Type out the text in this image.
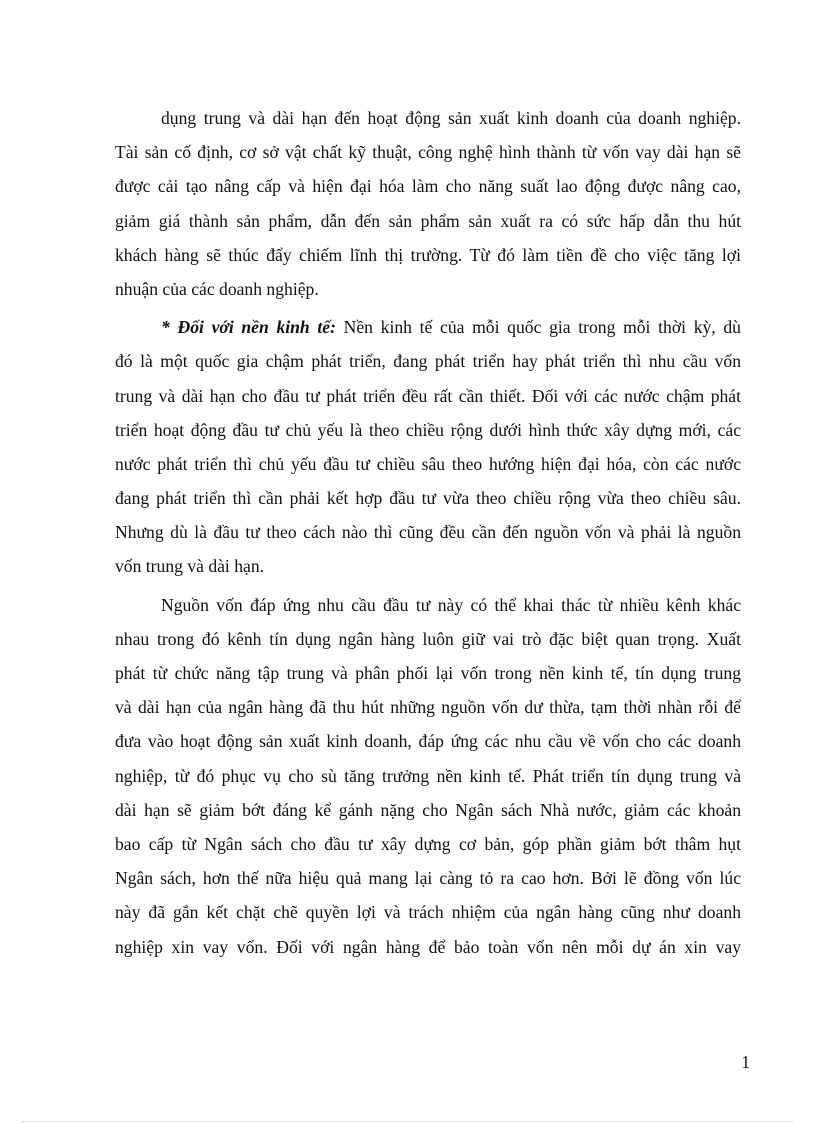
dụng trung và dài hạn đến hoạt động sản xuất kinh doanh của doanh nghiệp.
Tài sản cố định, cơ sở vật chất kỹ thuật, công nghệ hình thành từ vốn vay dài hạn sẽ
được cải tạo nâng cấp và hiện đại hóa làm cho năng suất lao động được nâng cao,
giảm giá thành sản phẩm, dẫn đến sản phẩm sản xuất ra có sức hấp dẫn thu hút
khách hàng sẽ thúc đẩy chiếm lĩnh thị trường. Từ đó làm tiền đề cho việc tăng lợi
nhuận của các doanh nghiệp.
* Đối với nền kinh tế: Nền kinh tế của mỗi quốc gia trong mỗi thời kỳ, dù
đó là một quốc gia chậm phát triển, đang phát triển hay phát triển thì nhu cầu vốn
trung và dài hạn cho đầu tư phát triển đều rất cần thiết. Đối với các nước chậm phát
triển hoạt động đầu tư chủ yếu là theo chiều rộng dưới hình thức xây dựng mới, các
nước phát triển thì chủ yếu đầu tư chiều sâu theo hướng hiện đại hóa, còn các nước
đang phát triển thì cần phải kết hợp đầu tư vừa theo chiều rộng vừa theo chiều sâu.
Nhưng dù là đầu tư theo cách nào thì cũng đều cần đến nguồn vốn và phải là nguồn
vốn trung và dài hạn.
Nguồn vốn đáp ứng nhu cầu đầu tư này có thể khai thác từ nhiều kênh khác
nhau trong đó kênh tín dụng ngân hàng luôn giữ vai trò đặc biệt quan trọng. Xuất
phát từ chức năng tập trung và phân phối lại vốn trong nền kinh tế, tín dụng trung
và dài hạn của ngân hàng đã thu hút những nguồn vốn dư thừa, tạm thời nhàn rỗi để
đưa vào hoạt động sản xuất kinh doanh, đáp ứng các nhu cầu về vốn cho các doanh
nghiệp, từ đó phục vụ cho sù tăng trưởng nền kinh tế. Phát triển tín dụng trung và
dài hạn sẽ giảm bớt đáng kể gánh nặng cho Ngân sách Nhà nước, giảm các khoản
bao cấp từ Ngân sách cho đầu tư xây dựng cơ bản, góp phần giảm bớt thâm hụt
Ngân sách, hơn thế nữa hiệu quả mang lại càng tỏ ra cao hơn. Bởi lẽ đồng vốn lúc
này đã gắn kết chặt chẽ quyền lợi và trách nhiệm của ngân hàng cũng như doanh
nghiệp xin vay vốn. Đối với ngân hàng để bảo toàn vốn nên mỗi dự án xin vay
1
